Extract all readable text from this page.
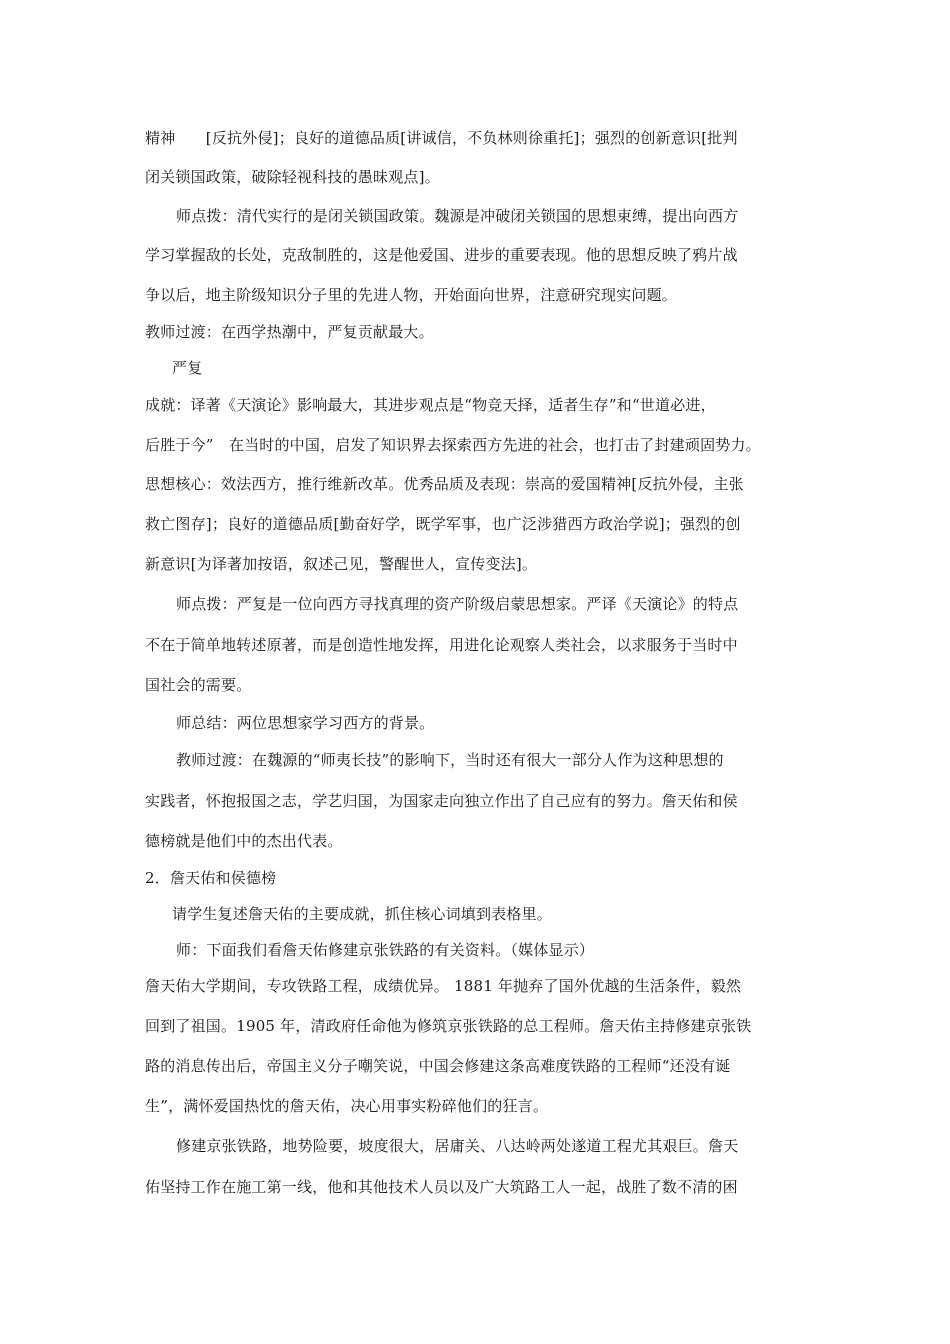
精神　　[反抗外侵]；良好的道德品质[讲诚信，不负林则徐重托]；强烈的创新意识[批判
闭关锁国政策，破除轻视科技的愚昧观点]。
师点拨：清代实行的是闭关锁国政策。魏源是冲破闭关锁国的思想束缚，提出向西方
学习掌握敌的长处，克敌制胜的，这是他爱国、进步的重要表现。他的思想反映了鸦片战
争以后，地主阶级知识分子里的先进人物，开始面向世界，注意研究现实问题。
教师过渡：在西学热潮中，严复贡献最大。
严复
成就：译著《天演论》影响最大，其进步观点是“物竞天择，适者生存”和“世道必进，
后胜于今”　在当时的中国，启发了知识界去探索西方先进的社会，也打击了封建顽固势力。
思想核心：效法西方，推行维新改革。优秀品质及表现：崇高的爱国精神[反抗外侵，主张
救亡图存]；良好的道德品质[勤奋好学，既学军事，也广泛涉猎西方政治学说]；强烈的创
新意识[为译著加按语，叙述己见，警醒世人，宣传变法]。
师点拨：严复是一位向西方寻找真理的资产阶级启蒙思想家。严译《天演论》的特点
不在于简单地转述原著，而是创造性地发挥，用进化论观察人类社会，以求服务于当时中
国社会的需要。
师总结：两位思想家学习西方的背景。
教师过渡：在魏源的“师夷长技”的影响下，当时还有很大一部分人作为这种思想的
实践者，怀抱报国之志，学艺归国，为国家走向独立作出了自己应有的努力。詹天佑和侯
德榜就是他们中的杰出代表。
2．詹天佑和侯德榜
请学生复述詹天佑的主要成就，抓住核心词填到表格里。
师：下面我们看詹天佑修建京张铁路的有关资料。（媒体显示）
詹天佑大学期间，专攻铁路工程，成绩优异。 1881 年抛弃了国外优越的生活条件，毅然
回到了祖国。1905 年，清政府任命他为修筑京张铁路的总工程师。詹天佑主持修建京张铁
路的消息传出后，帝国主义分子嘲笑说，中国会修建这条高难度铁路的工程师“还没有诞
生”，满怀爱国热忱的詹天佑，决心用事实粉碎他们的狂言。
修建京张铁路，地势险要，坡度很大，居庸关、八达岭两处遂道工程尤其艰巨。詹天
佑坚持工作在施工第一线，他和其他技术人员以及广大筑路工人一起，战胜了数不清的困
